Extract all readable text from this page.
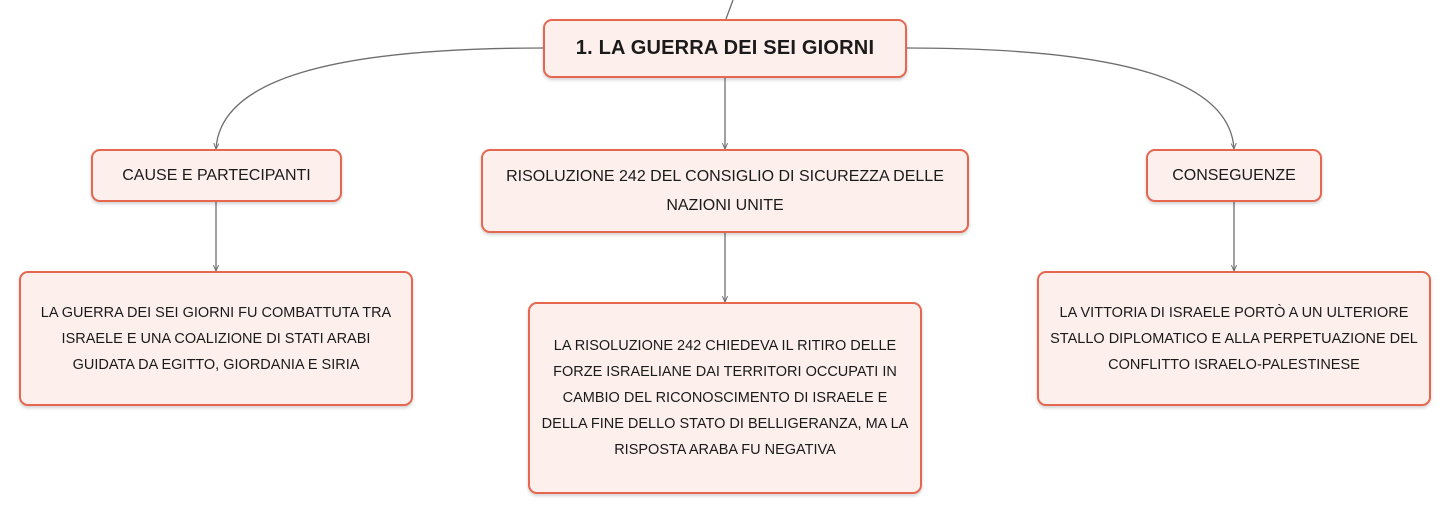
1. LA GUERRA DEI SEI GIORNI
CAUSE E PARTECIPANTI	RISOLUZIONE 242 DEL CONSIGLIO DI SICUREZZA DELLE NAZIONI UNITE
CONSEGUENZE
LA GUERRA DEI SEI GIORNI FU COMBATTUTA TRA ISRAELE E UNA COALIZIONE DI STATI ARABI GUIDATA DA EGITTO, GIORDANIA E SIRIA
LA RISOLUZIONE 242 CHIEDEVA IL RITIRO DELLE FORZE ISRAELIANE DAI TERRITORI OCCUPATI IN CAMBIO DEL RICONOSCIMENTO DI ISRAELE E DELLA FINE DELLO STATO DI BELLIGERANZA, MA LA RISPOSTA ARABA FU NEGATIVA
LA VITTORIA DI ISRAELE PORTÒ A UN ULTERIORE STALLO DIPLOMATICO E ALLA PERPETUAZIONE DEL CONFLITTO ISRAELO-PALESTINESE
